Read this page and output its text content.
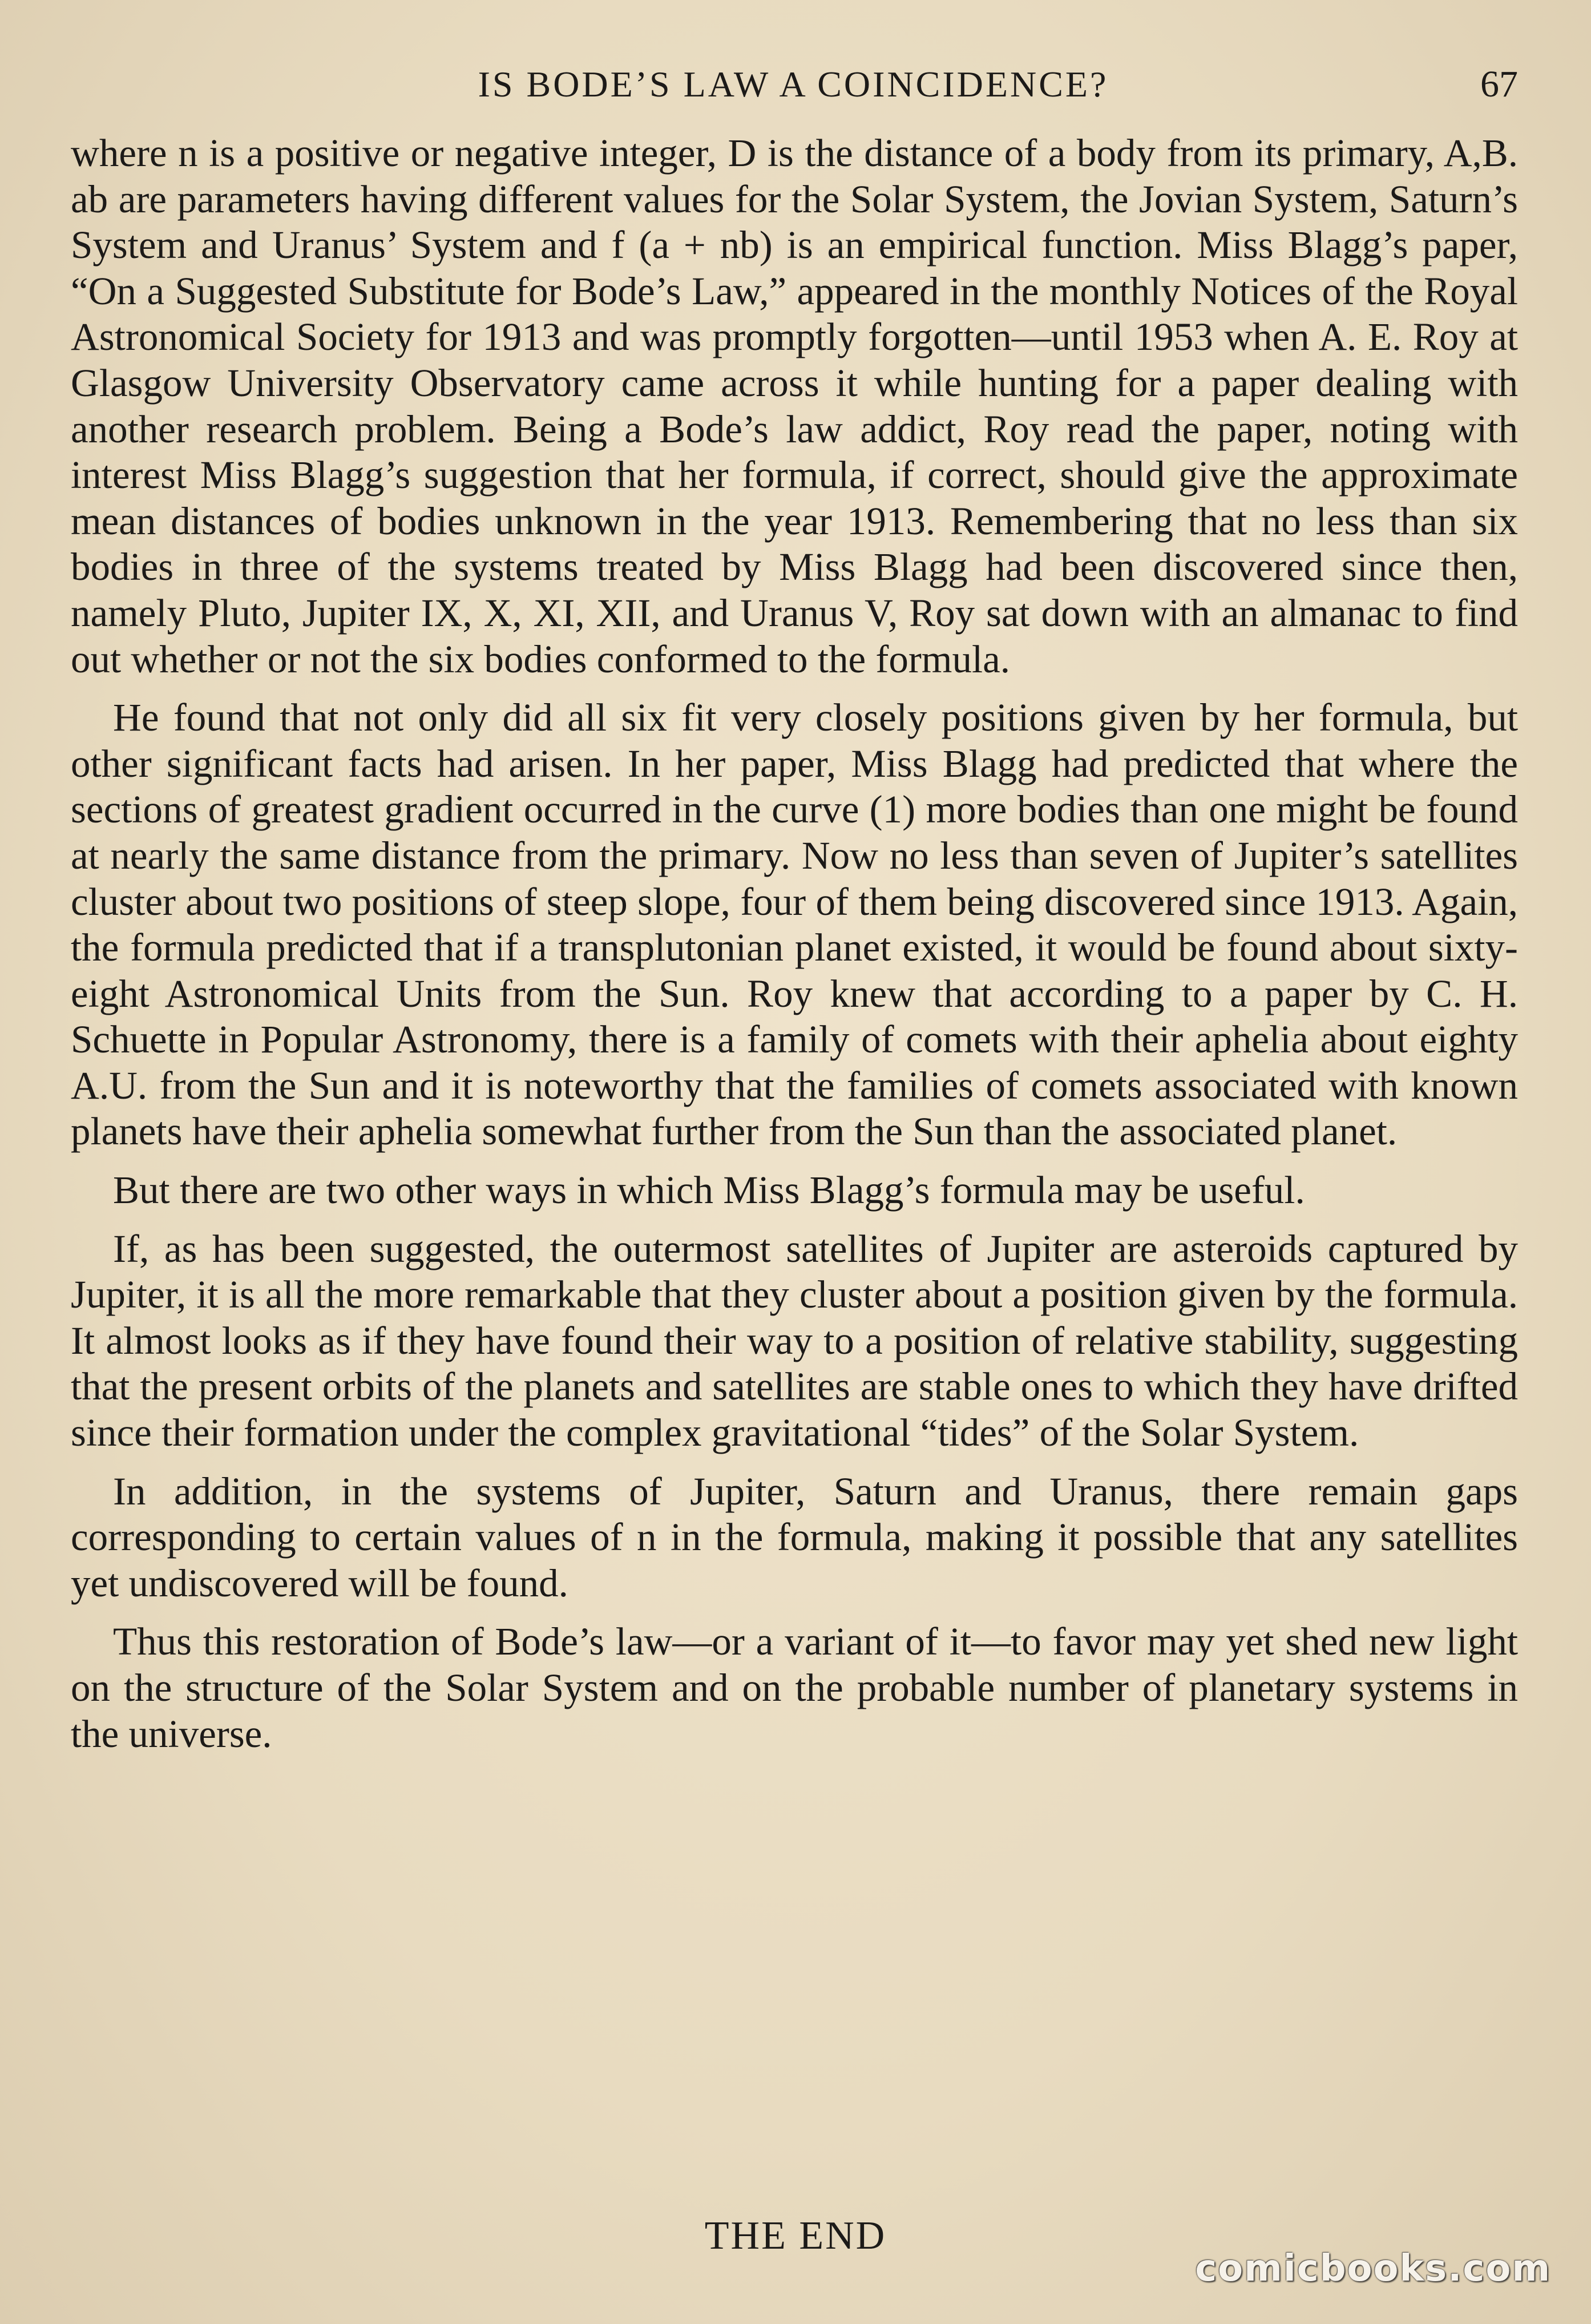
IS BODE’S LAW A COINCIDENCE?	67

where n is a positive or negative integer, D is the distance of a body from its primary, A,B. ab are parameters having different values for the Solar System, the Jovian System, Saturn’s System and Uranus’ System and f (a + nb) is an empirical function. Miss Blagg’s paper, “On a Suggested Substitute for Bode’s Law,” appeared in the monthly Notices of the Royal Astronomical Society for 1913 and was promptly forgotten—until 1953 when A. E. Roy at Glasgow University Observatory came across it while hunting for a paper dealing with another research problem. Being a Bode’s law addict, Roy read the paper, noting with interest Miss Blagg’s suggestion that her formula, if correct, should give the approximate mean distances of bodies unknown in the year 1913. Remembering that no less than six bodies in three of the systems treated by Miss Blagg had been discovered since then, namely Pluto, Jupiter IX, X, XI, XII, and Uranus V, Roy sat down with an almanac to find out whether or not the six bodies conformed to the formula.

He found that not only did all six fit very closely positions given by her formula, but other significant facts had arisen. In her paper, Miss Blagg had predicted that where the sections of greatest gradient occurred in the curve (1) more bodies than one might be found at nearly the same distance from the primary. Now no less than seven of Jupiter’s satellites cluster about two positions of steep slope, four of them being discovered since 1913. Again, the formula predicted that if a transplutonian planet existed, it would be found about sixty-eight Astronomical Units from the Sun. Roy knew that according to a paper by C. H. Schuette in Popular Astronomy, there is a family of comets with their aphelia about eighty A.U. from the Sun and it is noteworthy that the families of comets associated with known planets have their aphelia somewhat further from the Sun than the associated planet.

But there are two other ways in which Miss Blagg’s formula may be useful.

If, as has been suggested, the outermost satellites of Jupiter are asteroids captured by Jupiter, it is all the more remarkable that they cluster about a position given by the formula. It almost looks as if they have found their way to a position of relative stability, suggesting that the present orbits of the planets and satellites are stable ones to which they have drifted since their formation under the complex gravitational “tides” of the Solar System.

In addition, in the systems of Jupiter, Saturn and Uranus, there remain gaps corresponding to certain values of n in the formula, making it possible that any satellites yet undiscovered will be found.

Thus this restoration of Bode’s law—or a variant of it—to favor may yet shed new light on the structure of the Solar System and on the probable number of planetary systems in the universe.

THE END
comicbooks.com
